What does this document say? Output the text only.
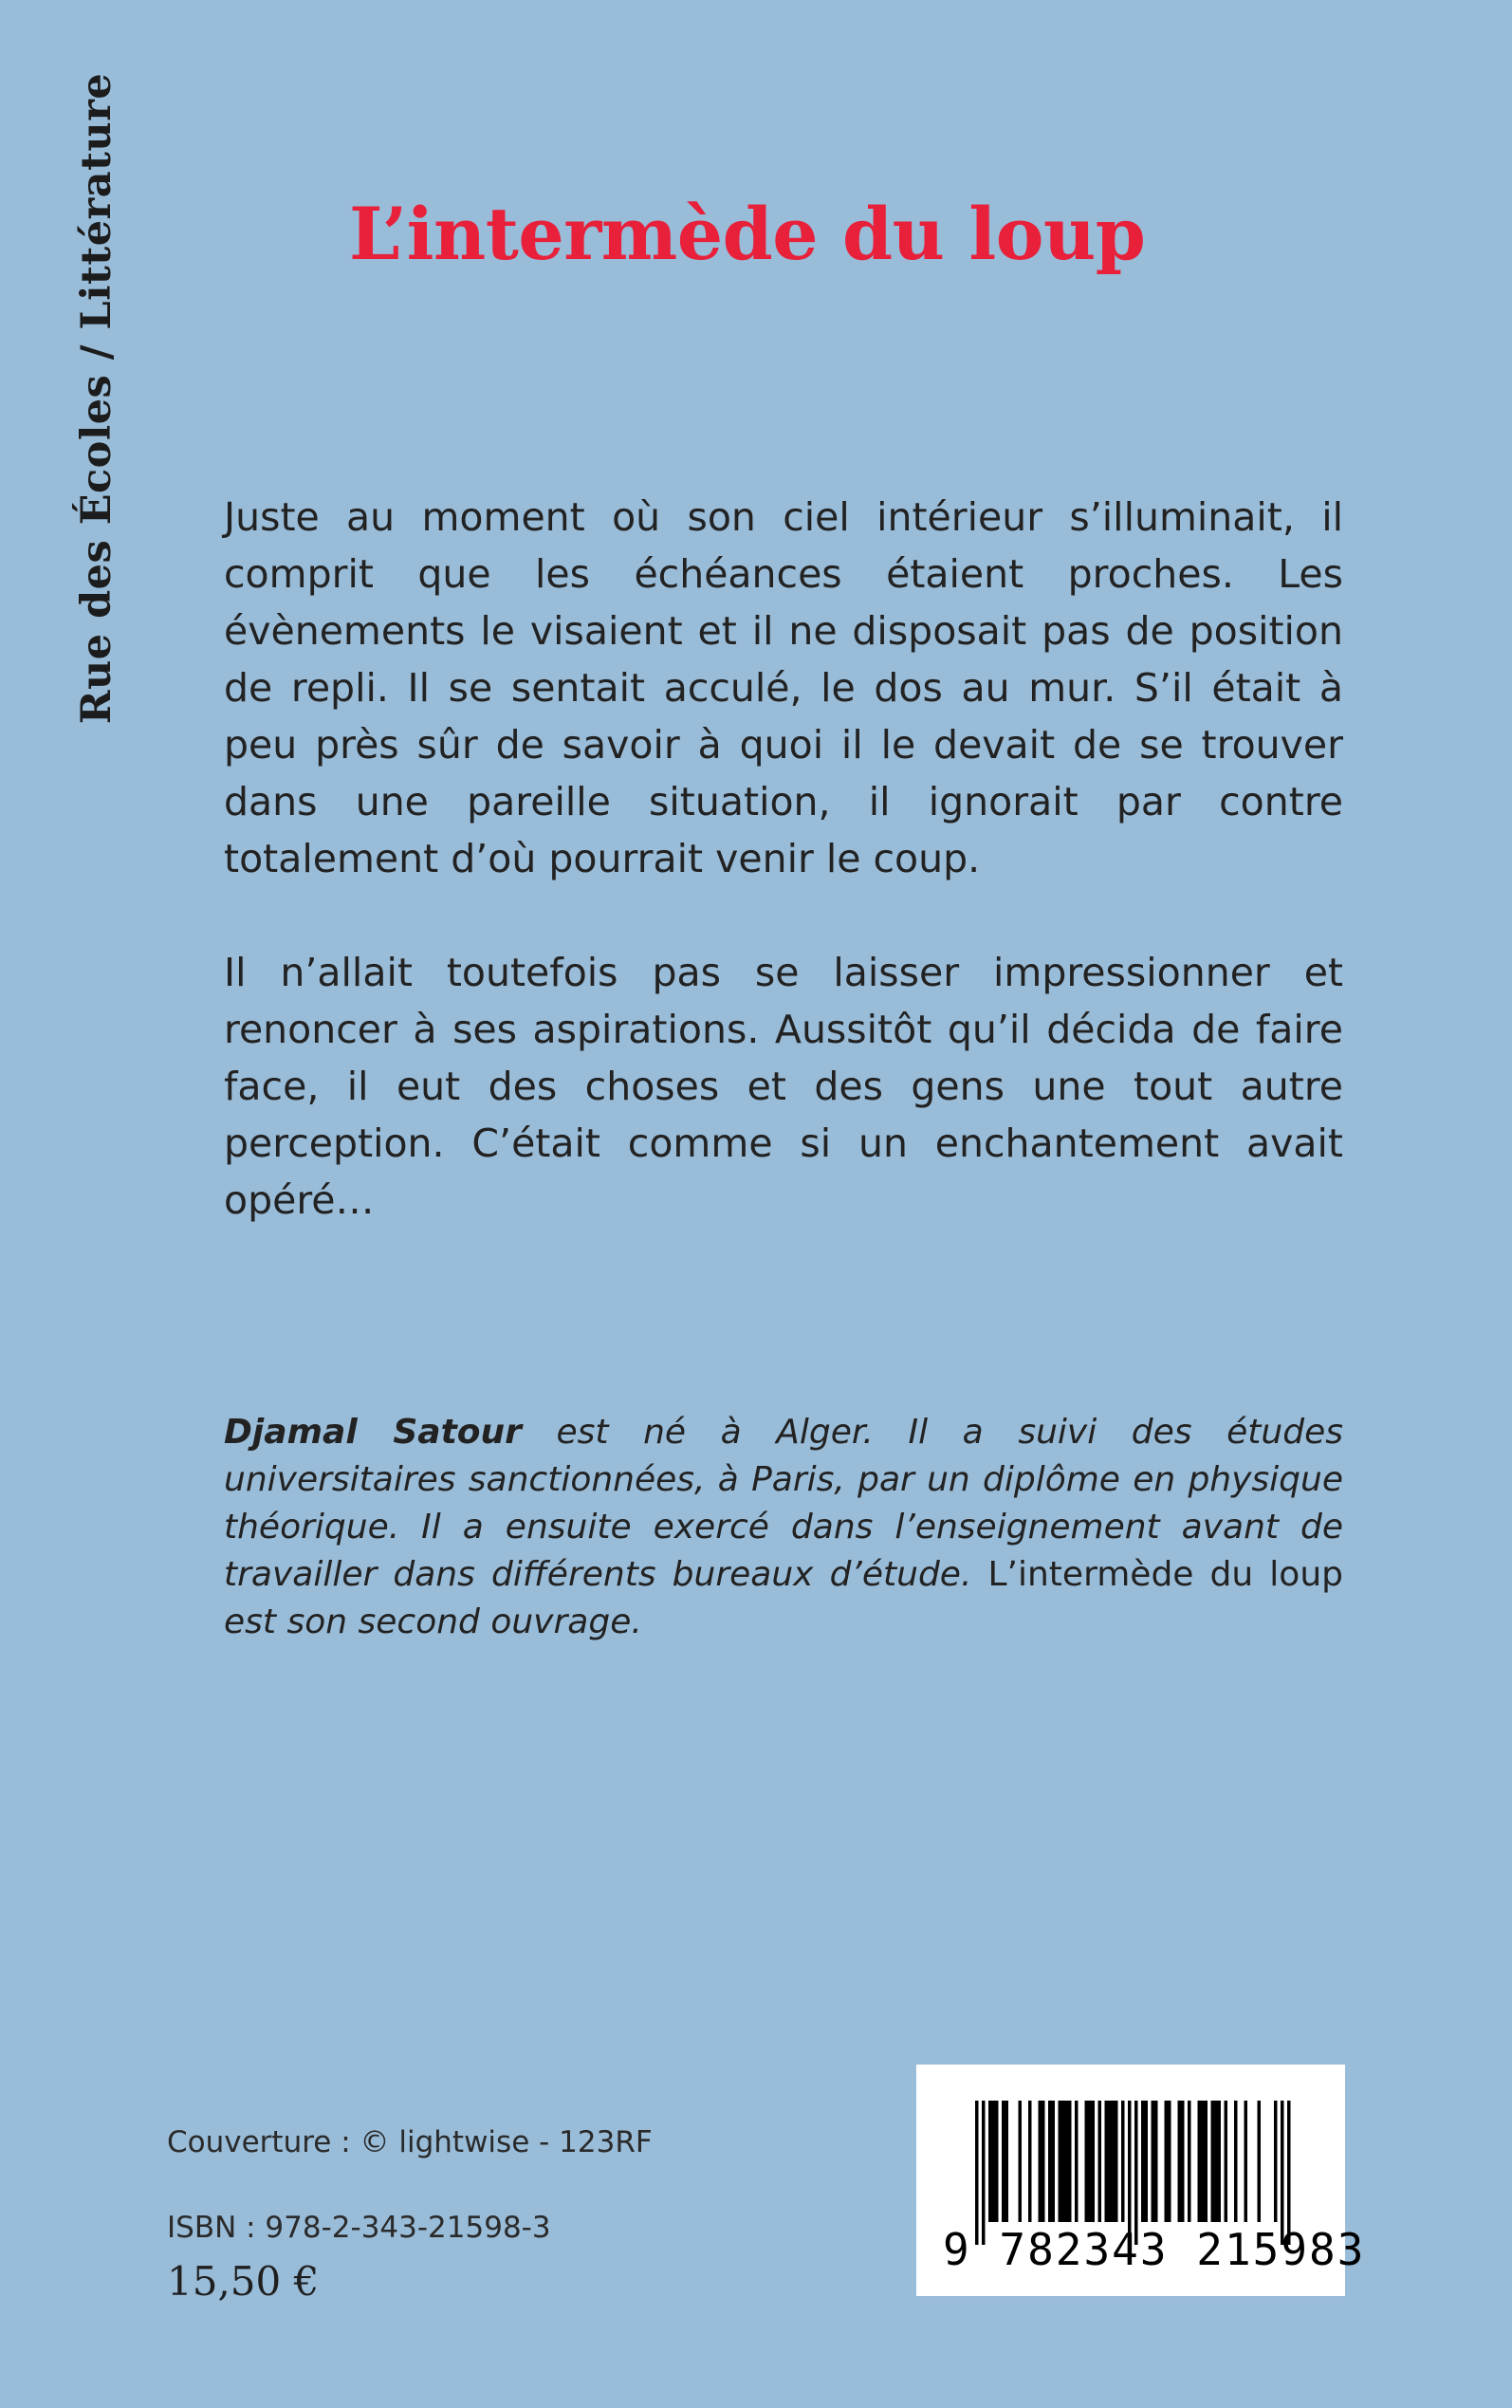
Rue des Écoles / Littérature	L’intermède du loup

Juste au moment où son ciel intérieur s’illuminait, il comprit que les échéances étaient proches. Les évènements le visaient et il ne disposait pas de position de repli. Il se sentait acculé, le dos au mur. S’il était à peu près sûr de savoir à quoi il le devait de se trouver dans une pareille situation, il ignorait par contre totalement d’où pourrait venir le coup.

Il n’allait toutefois pas se laisser impressionner et renoncer à ses aspirations. Aussitôt qu’il décida de faire face, il eut des choses et des gens une tout autre perception. C’était comme si un enchantement avait opéré…

Djamal Satour est né à Alger. Il a suivi des études universitaires sanctionnées, à Paris, par un diplôme en physique théorique. Il a ensuite exercé dans l’enseignement avant de travailler dans différents bureaux d’étude. L’intermède du loup est son second ouvrage.

Couverture : © lightwise - 123RF
ISBN : 978-2-343-21598-3
15,50 €
9 782343 215983
